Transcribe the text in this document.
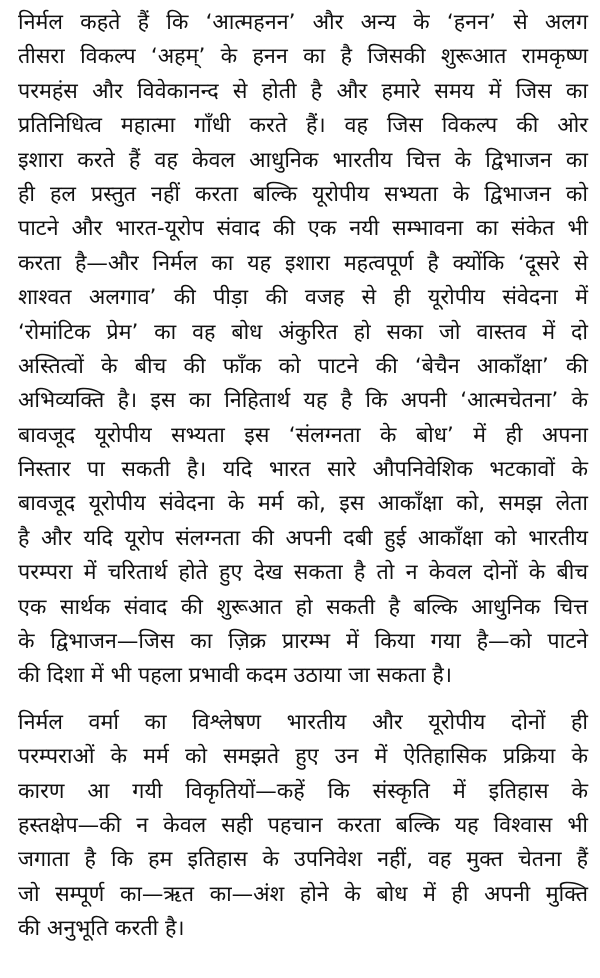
निर्मल कहते हैं कि ‘आत्महनन’ और अन्य के ‘हनन’ से अलग
तीसरा विकल्प ‘अहम्’ के हनन का है जिसकी शुरूआत रामकृष्ण
परमहंस और विवेकानन्द से होती है और हमारे समय में जिस का
प्रतिनिधित्व महात्मा गाँधी करते हैं। वह जिस विकल्प की ओर
इशारा करते हैं वह केवल आधुनिक भारतीय चित्त के द्विभाजन का
ही हल प्रस्तुत नहीं करता बल्कि यूरोपीय सभ्यता के द्विभाजन को
पाटने और भारत-यूरोप संवाद की एक नयी सम्भावना का संकेत भी
करता है—और निर्मल का यह इशारा महत्वपूर्ण है क्योंकि ‘दूसरे से
शाश्वत अलगाव’ की पीड़ा की वजह से ही यूरोपीय संवेदना में
‘रोमांटिक प्रेम’ का वह बोध अंकुरित हो सका जो वास्तव में दो
अस्तित्वों के बीच की फाँक को पाटने की ‘बेचैन आकाँक्षा’ की
अभिव्यक्ति है। इस का निहितार्थ यह है कि अपनी ‘आत्मचेतना’ के
बावजूद यूरोपीय सभ्यता इस ‘संलग्नता के बोध’ में ही अपना
निस्तार पा सकती है। यदि भारत सारे औपनिवेशिक भटकावों के
बावजूद यूरोपीय संवेदना के मर्म को, इस आकाँक्षा को, समझ लेता
है और यदि यूरोप संलग्नता की अपनी दबी हुई आकाँक्षा को भारतीय
परम्परा में चरितार्थ होते हुए देख सकता है तो न केवल दोनों के बीच
एक सार्थक संवाद की शुरूआत हो सकती है बल्कि आधुनिक चित्त
के द्विभाजन—जिस का ज़िक्र प्रारम्भ में किया गया है—को पाटने
की दिशा में भी पहला प्रभावी कदम उठाया जा सकता है।

निर्मल वर्मा का विश्लेषण भारतीय और यूरोपीय दोनों ही
परम्पराओं के मर्म को समझते हुए उन में ऐतिहासिक प्रक्रिया के
कारण आ गयी विकृतियों—कहें कि संस्कृति में इतिहास के
हस्तक्षेप—की न केवल सही पहचान करता बल्कि यह विश्वास भी
जगाता है कि हम इतिहास के उपनिवेश नहीं, वह मुक्त चेतना हैं
जो सम्पूर्ण का—ऋत का—अंश होने के बोध में ही अपनी मुक्ति
की अनुभूति करती है।
